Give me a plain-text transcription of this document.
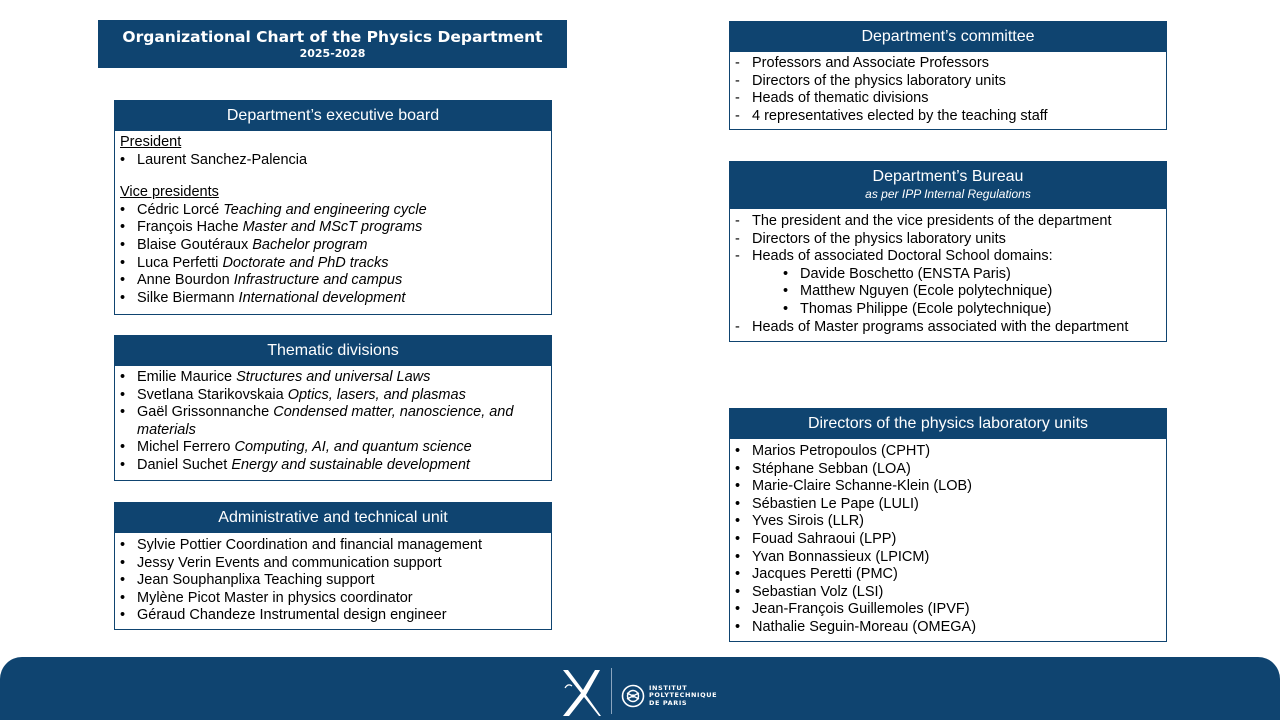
Organizational Chart of the Physics Department
2025-2028
Department’s executive board
President
• Laurent Sanchez-Palencia
Vice presidents
• Cédric Lorcé Teaching and engineering cycle
• François Hache Master and MScT programs
• Blaise Goutéraux Bachelor program
• Luca Perfetti Doctorate and PhD tracks
• Anne Bourdon Infrastructure and campus
• Silke Biermann International development
Thematic divisions
• Emilie Maurice Structures and universal Laws
• Svetlana Starikovskaia Optics, lasers, and plasmas
• Gaël Grissonnanche Condensed matter, nanoscience, and materials
• Michel Ferrero Computing, AI, and quantum science
• Daniel Suchet Energy and sustainable development
Administrative and technical unit
• Sylvie Pottier Coordination and financial management
• Jessy Verin Events and communication support
• Jean Souphanplixa Teaching support
• Mylène Picot Master in physics coordinator
• Géraud Chandeze Instrumental design engineer
Department’s committee
- Professors and Associate Professors
- Directors of the physics laboratory units
- Heads of thematic divisions
- 4 representatives elected by the teaching staff
Department’s Bureau
as per IPP Internal Regulations
- The president and the vice presidents of the department
- Directors of the physics laboratory units
- Heads of associated Doctoral School domains:
• Davide Boschetto (ENSTA Paris)
• Matthew Nguyen (Ecole polytechnique)
• Thomas Philippe (Ecole polytechnique)
- Heads of Master programs associated with the department
Directors of the physics laboratory units
• Marios Petropoulos (CPHT)
• Stéphane Sebban (LOA)
• Marie-Claire Schanne-Klein (LOB)
• Sébastien Le Pape (LULI)
• Yves Sirois (LLR)
• Fouad Sahraoui (LPP)
• Yvan Bonnassieux (LPICM)
• Jacques Peretti (PMC)
• Sebastian Volz (LSI)
• Jean-François Guillemoles (IPVF)
• Nathalie Seguin-Moreau (OMEGA)
INSTITUT
POLYTECHNIQUE
DE PARIS
